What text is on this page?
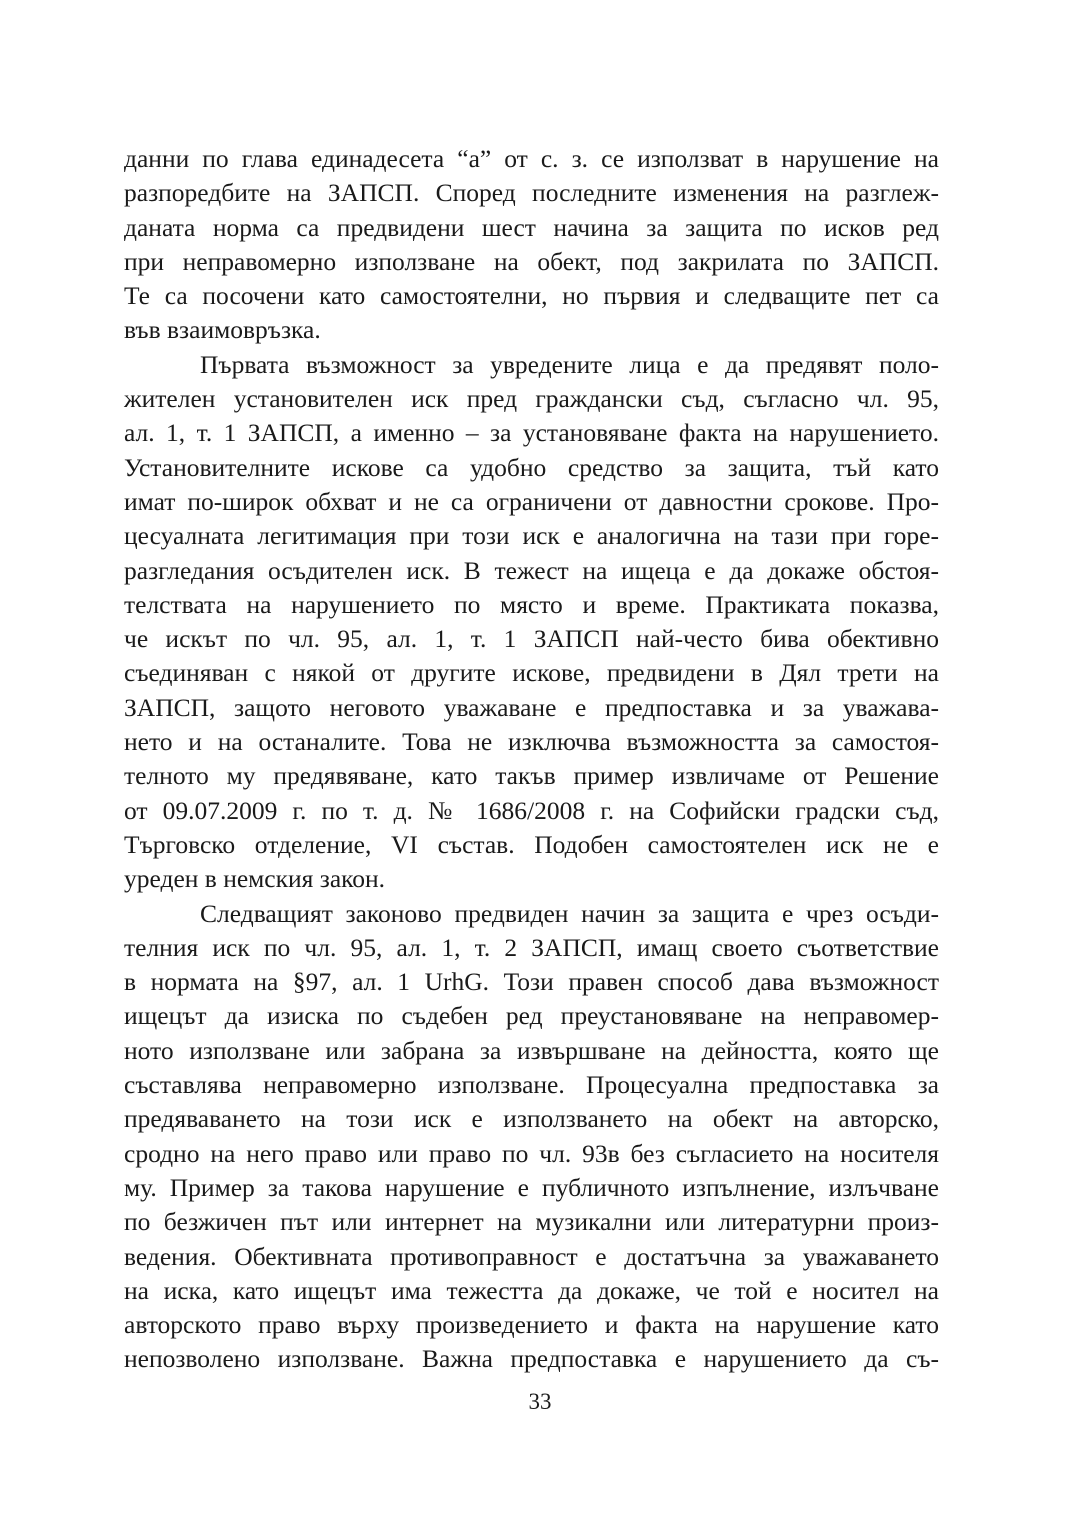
данни по глава единадесета “а” от с. з. се използват в нарушение на
разпоредбите на ЗАПСП. Според последните изменения на разглеж-
даната норма са предвидени шест начина за защита по исков ред
при неправомерно използване на обект, под закрилата по ЗАПСП.
Те са посочени като самостоятелни, но първия и следващите пет са
във взаимовръзка.
Първата възможност за увредените лица е да предявят поло-
жителен установителен иск пред граждански съд, съгласно чл. 95,
ал. 1, т. 1 ЗАПСП, а именно – за установяване факта на нарушението.
Установителните искове са удобно средство за защита, тъй като
имат по-широк обхват и не са ограничени от давностни срокове. Про-
цесуалната легитимация при този иск е аналогична на тази при горе-
разгледания осъдителен иск. В тежест на ищеца е да докаже обстоя-
телствата на нарушението по място и време. Практиката показва,
че искът по чл. 95, ал. 1, т. 1 ЗАПСП най-често бива обективно
съединяван с някой от другите искове, предвидени в Дял трети на
ЗАПСП, защото неговото уважаване е предпоставка и за уважава-
нето и на останалите. Това не изключва възможността за самостоя-
телното му предявяване, като такъв пример извличаме от Решение
от 09.07.2009 г. по т. д. № 1686/2008 г. на Софийски градски съд,
Търговско отделение, VI състав. Подобен самостоятелен иск не е
уреден в немския закон.
Следващият законово предвиден начин за защита е чрез осъди-
телния иск по чл. 95, ал. 1, т. 2 ЗАПСП, имащ своето съответствие
в нормата на §97, ал. 1 UrhG. Този правен способ дава възможност
ищецът да изиска по съдебен ред преустановяване на неправомер-
ното използване или забрана за извършване на дейността, която ще
съставлява неправомерно използване. Процесуална предпоставка за
предяваването на този иск е използването на обект на авторско,
сродно на него право или право по чл. 93в без съгласието на носителя
му. Пример за такова нарушение е публичното изпълнение, излъчване
по безжичен път или интернет на музикални или литературни произ-
ведения. Обективната противоправност е достатъчна за уважаването
на иска, като ищецът има тежестта да докаже, че той е носител на
авторското право върху произведението и факта на нарушение като
непозволено използване. Важна предпоставка е нарушението да съ-
33
